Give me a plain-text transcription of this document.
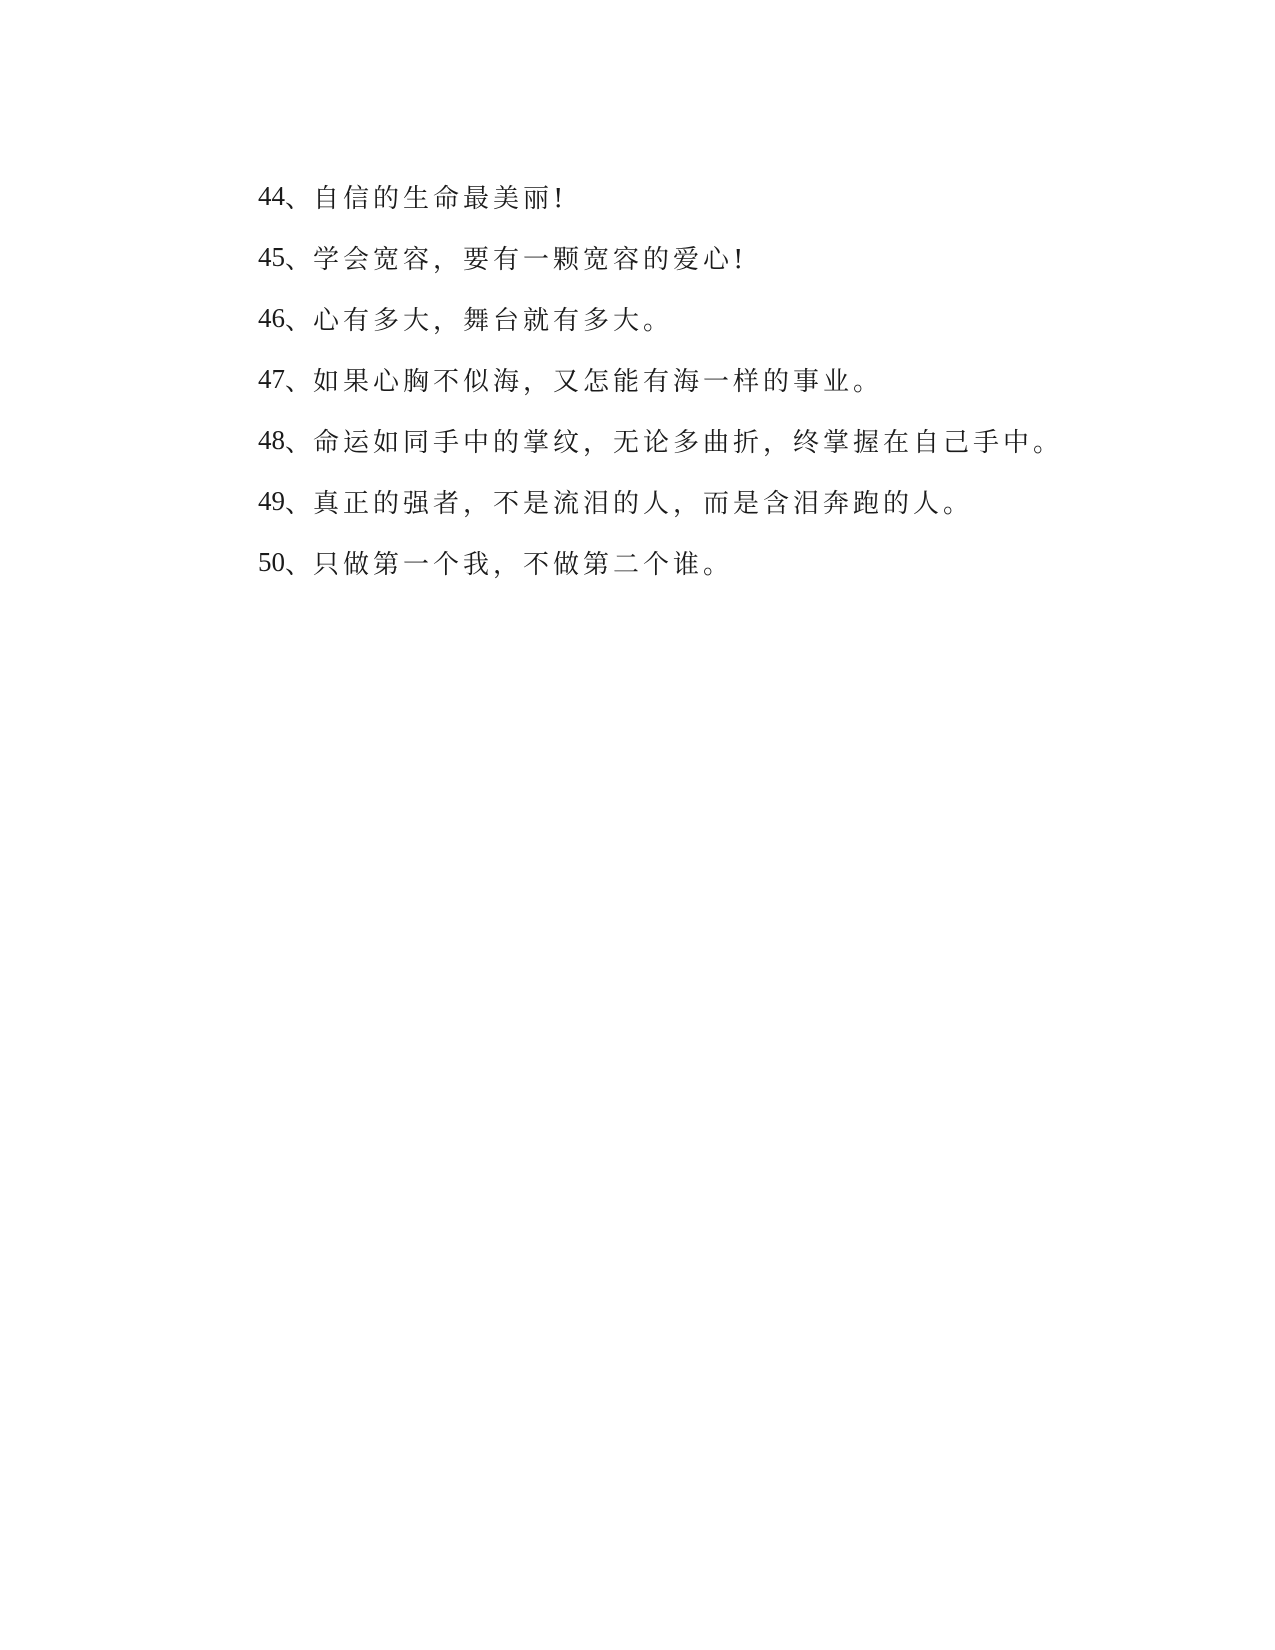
44 、 自信的生命最美丽!
45 、 学会宽容，要有一颗宽容的爱心!
46 、 心有多大，舞台就有多大。
47 、 如果心胸不似海，又怎能有海一样的事业。
48 、 命运如同手中的掌纹，无论多曲折，终掌握在自己手中。
49 、 真正的强者，不是流泪的人，而是含泪奔跑的人。
50 、 只做第一个我，不做第二个谁。
